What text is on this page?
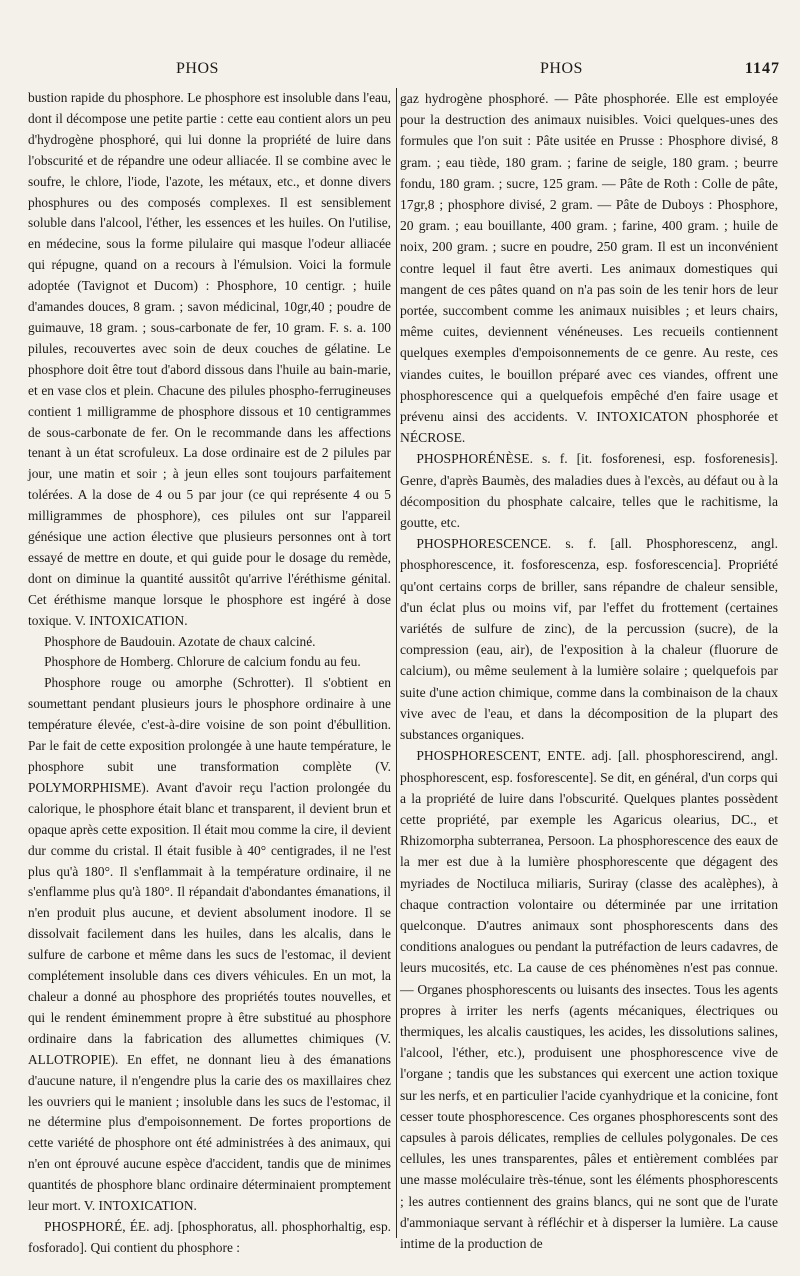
PHOS	PHOS	1147

bustion rapide du phosphore. Le phosphore est insoluble dans l'eau, dont il décompose une petite partie : cette eau contient alors un peu d'hydrogène phosphoré, qui lui donne la propriété de luire dans l'obscurité et de répandre une odeur alliacée. Il se combine avec le soufre, le chlore, l'iode, l'azote, les métaux, etc., et donne divers phosphures ou des composés complexes. Il est sensiblement soluble dans l'alcool, l'éther, les essences et les huiles. On l'utilise, en médecine, sous la forme pilulaire qui masque l'odeur alliacée qui répugne, quand on a recours à l'émulsion. Voici la formule adoptée (Tavignot et Ducom) : Phosphore, 10 centigr. ; huile d'amandes douces, 8 gram. ; savon médicinal, 10gr,40 ; poudre de guimauve, 18 gram. ; sous-carbonate de fer, 10 gram. F. s. a. 100 pilules, recouvertes avec soin de deux couches de gélatine. Le phosphore doit être tout d'abord dissous dans l'huile au bain-marie, et en vase clos et plein. Chacune des pilules phospho-ferrugineuses contient 1 milligramme de phosphore dissous et 10 centigrammes de sous-carbonate de fer. On le recommande dans les affections tenant à un état scrofuleux. La dose ordinaire est de 2 pilules par jour, une matin et soir ; à jeun elles sont toujours parfaitement tolérées. A la dose de 4 ou 5 par jour (ce qui représente 4 ou 5 milligrammes de phosphore), ces pilules ont sur l'appareil génésique une action élective que plusieurs personnes ont à tort essayé de mettre en doute, et qui guide pour le dosage du remède, dont on diminue la quantité aussitôt qu'arrive l'éréthisme génital. Cet éréthisme manque lorsque le phosphore est ingéré à dose toxique. V. INTOXICATION.

Phosphore de Baudouin. Azotate de chaux calciné.

Phosphore de Homberg. Chlorure de calcium fondu au feu.

Phosphore rouge ou amorphe (Schrotter). Il s'obtient en soumettant pendant plusieurs jours le phosphore ordinaire à une température élevée, c'est-à-dire voisine de son point d'ébullition. Par le fait de cette exposition prolongée à une haute température, le phosphore subit une transformation complète (V. POLYMORPHISME). Avant d'avoir reçu l'action prolongée du calorique, le phosphore était blanc et transparent, il devient brun et opaque après cette exposition. Il était mou comme la cire, il devient dur comme du cristal. Il était fusible à 40° centigrades, il ne l'est plus qu'à 180°. Il s'enflammait à la température ordinaire, il ne s'enflamme plus qu'à 180°. Il répandait d'abondantes émanations, il n'en produit plus aucune, et devient absolument inodore. Il se dissolvait facilement dans les huiles, dans les alcalis, dans le sulfure de carbone et même dans les sucs de l'estomac, il devient complétement insoluble dans ces divers véhicules. En un mot, la chaleur a donné au phosphore des propriétés toutes nouvelles, et qui le rendent éminemment propre à être substitué au phosphore ordinaire dans la fabrication des allumettes chimiques (V. ALLOTROPIE). En effet, ne donnant lieu à des émanations d'aucune nature, il n'engendre plus la carie des os maxillaires chez les ouvriers qui le manient ; insoluble dans les sucs de l'estomac, il ne détermine plus d'empoisonnement. De fortes proportions de cette variété de phosphore ont été administrées à des animaux, qui n'en ont éprouvé aucune espèce d'accident, tandis que de minimes quantités de phosphore blanc ordinaire déterminaient promptement leur mort. V. INTOXICATION.

PHOSPHORÉ, ÉE. adj. [phosphoratus, all. phosphorhaltig, esp. fosforado]. Qui contient du phosphore :

gaz hydrogène phosphoré. — Pâte phosphorée. Elle est employée pour la destruction des animaux nuisibles. Voici quelques-unes des formules que l'on suit : Pâte usitée en Prusse : Phosphore divisé, 8 gram. ; eau tiède, 180 gram. ; farine de seigle, 180 gram. ; beurre fondu, 180 gram. ; sucre, 125 gram. — Pâte de Roth : Colle de pâte, 17gr,8 ; phosphore divisé, 2 gram. — Pâte de Duboys : Phosphore, 20 gram. ; eau bouillante, 400 gram. ; farine, 400 gram. ; huile de noix, 200 gram. ; sucre en poudre, 250 gram. Il est un inconvénient contre lequel il faut être averti. Les animaux domestiques qui mangent de ces pâtes quand on n'a pas soin de les tenir hors de leur portée, succombent comme les animaux nuisibles ; et leurs chairs, même cuites, deviennent vénéneuses. Les recueils contiennent quelques exemples d'empoisonnements de ce genre. Au reste, ces viandes cuites, le bouillon préparé avec ces viandes, offrent une phosphorescence qui a quelquefois empêché d'en faire usage et prévenu ainsi des accidents. V. INTOXICATON phosphorée et NÉCROSE.

PHOSPHORÉNÈSE. s. f. [it. fosforenesi, esp. fosforenesis]. Genre, d'après Baumès, des maladies dues à l'excès, au défaut ou à la décomposition du phosphate calcaire, telles que le rachitisme, la goutte, etc.

PHOSPHORESCENCE. s. f. [all. Phosphorescenz, angl. phosphorescence, it. fosforescenza, esp. fosforescencia]. Propriété qu'ont certains corps de briller, sans répandre de chaleur sensible, d'un éclat plus ou moins vif, par l'effet du frottement (certaines variétés de sulfure de zinc), de la percussion (sucre), de la compression (eau, air), de l'exposition à la chaleur (fluorure de calcium), ou même seulement à la lumière solaire ; quelquefois par suite d'une action chimique, comme dans la combinaison de la chaux vive avec de l'eau, et dans la décomposition de la plupart des substances organiques.

PHOSPHORESCENT, ENTE. adj. [all. phosphorescirend, angl. phosphorescent, esp. fosforescente]. Se dit, en général, d'un corps qui a la propriété de luire dans l'obscurité. Quelques plantes possèdent cette propriété, par exemple les Agaricus olearius, DC., et Rhizomorpha subterranea, Persoon. La phosphorescence des eaux de la mer est due à la lumière phosphorescente que dégagent des myriades de Noctiluca miliaris, Suriray (classe des acalèphes), à chaque contraction volontaire ou déterminée par une irritation quelconque. D'autres animaux sont phosphorescents dans des conditions analogues ou pendant la putréfaction de leurs cadavres, de leurs mucosités, etc. La cause de ces phénomènes n'est pas connue. — Organes phosphorescents ou luisants des insectes. Tous les agents propres à irriter les nerfs (agents mécaniques, électriques ou thermiques, les alcalis caustiques, les acides, les dissolutions salines, l'alcool, l'éther, etc.), produisent une phosphorescence vive de l'organe ; tandis que les substances qui exercent une action toxique sur les nerfs, et en particulier l'acide cyanhydrique et la conicine, font cesser toute phosphorescence. Ces organes phosphorescents sont des capsules à parois délicates, remplies de cellules polygonales. De ces cellules, les unes transparentes, pâles et entièrement comblées par une masse moléculaire très-ténue, sont les éléments phosphorescents ; les autres contiennent des grains blancs, qui ne sont que de l'urate d'ammoniaque servant à réfléchir et à disperser la lumière. La cause intime de la production de
